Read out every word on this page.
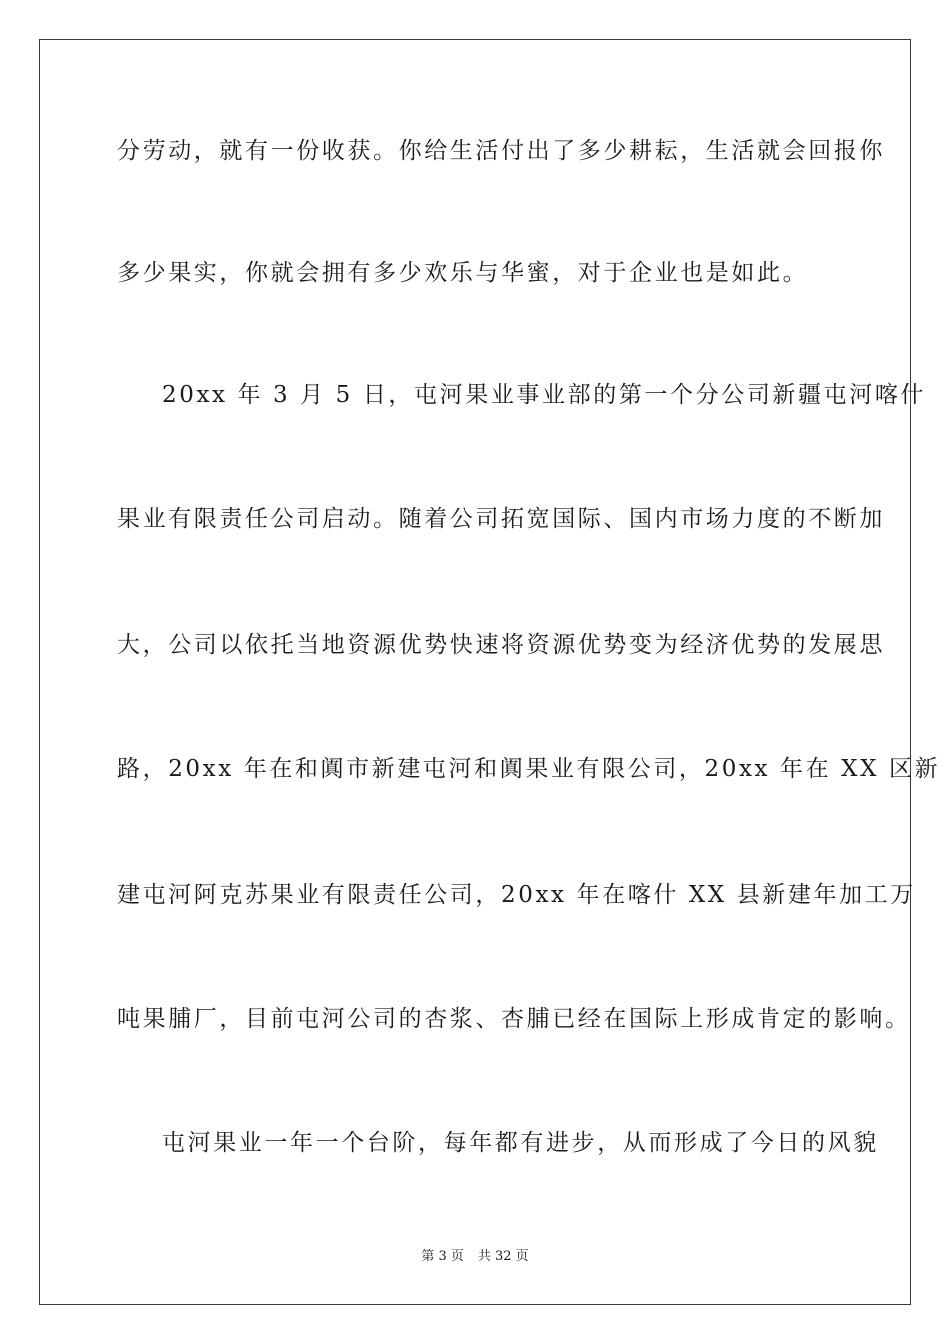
分劳动，就有一份收获。你给生活付出了多少耕耘，生活就会回报你
多少果实，你就会拥有多少欢乐与华蜜，对于企业也是如此。
20xx 年 3 月 5 日，屯河果业事业部的第一个分公司新疆屯河喀什
果业有限责任公司启动。随着公司拓宽国际、国内市场力度的不断加
大，公司以依托当地资源优势快速将资源优势变为经济优势的发展思
路，20xx 年在和阗市新建屯河和阗果业有限公司，20xx 年在 XX 区新
建屯河阿克苏果业有限责任公司，20xx 年在喀什 XX 县新建年加工万
吨果脯厂，目前屯河公司的杏浆、杏脯已经在国际上形成肯定的影响。
屯河果业一年一个台阶，每年都有进步，从而形成了今日的风貌
第 3 页 共 32 页
